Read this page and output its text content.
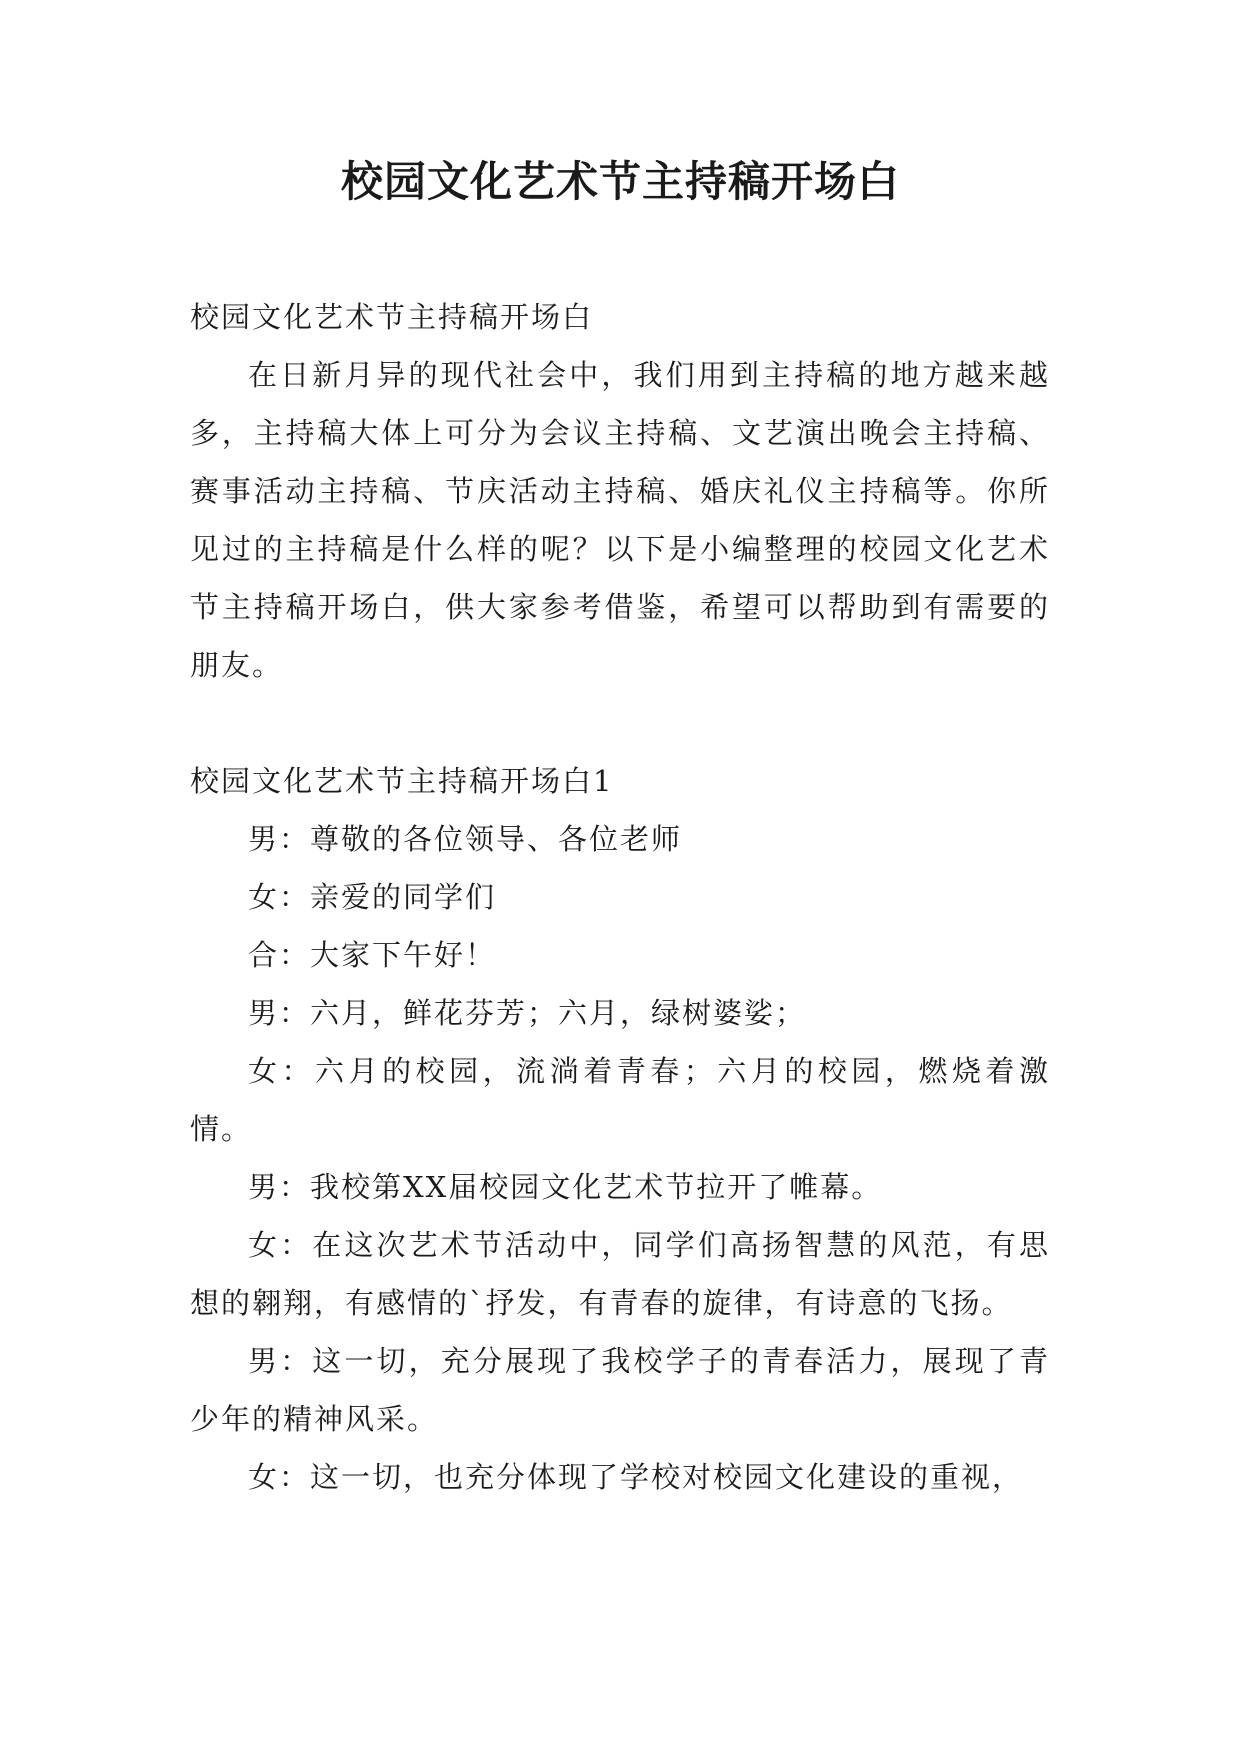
校园文化艺术节主持稿开场白

校园文化艺术节主持稿开场白

在日新月异的现代社会中，我们用到主持稿的地方越来越多，主持稿大体上可分为会议主持稿、文艺演出晚会主持稿、赛事活动主持稿、节庆活动主持稿、婚庆礼仪主持稿等。你所见过的主持稿是什么样的呢？以下是小编整理的校园文化艺术节主持稿开场白，供大家参考借鉴，希望可以帮助到有需要的朋友。

校园文化艺术节主持稿开场白1

男：尊敬的各位领导、各位老师

女：亲爱的同学们

合：大家下午好！

男：六月，鲜花芬芳；六月，绿树婆娑；

女：六月的校园，流淌着青春；六月的校园，燃烧着激情。

男：我校第XX届校园文化艺术节拉开了帷幕。

女：在这次艺术节活动中，同学们高扬智慧的风范，有思想的翱翔，有感情的`抒发，有青春的旋律，有诗意的飞扬。

男：这一切，充分展现了我校学子的青春活力，展现了青少年的精神风采。

女：这一切，也充分体现了学校对校园文化建设的重视，
